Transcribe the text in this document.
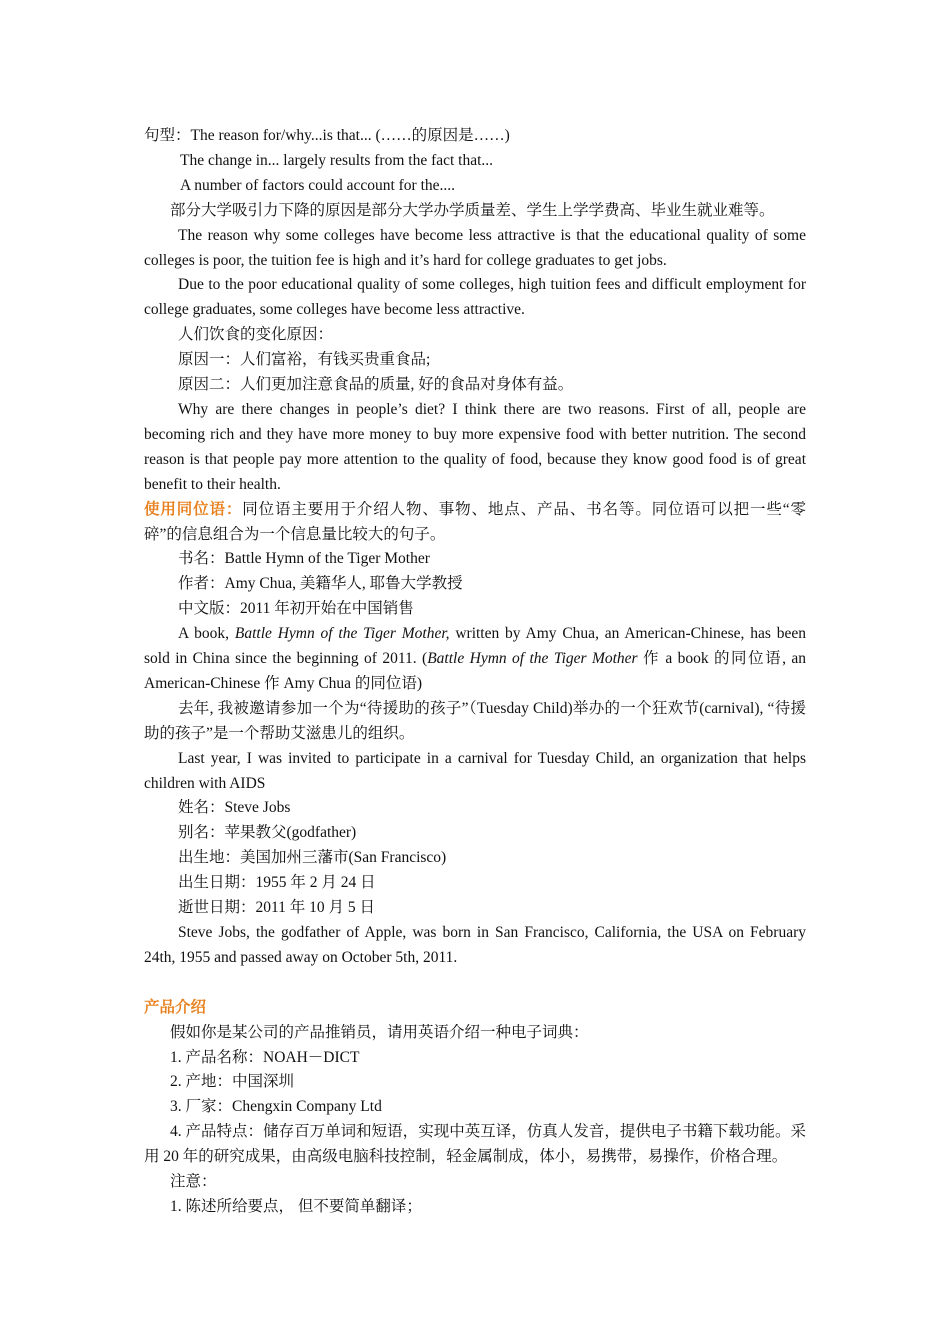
句型：The reason for/why...is that... (……的原因是……)

The change in... largely results from the fact that...

A number of factors could account for the....

部分大学吸引力下降的原因是部分大学办学质量差、学生上学学费高、毕业生就业难等。

The reason why some colleges have become less attractive is that the educational quality of some colleges is poor, the tuition fee is high and it’s hard for college graduates to get jobs.

Due to the poor educational quality of some colleges, high tuition fees and difficult employment for college graduates, some colleges have become less attractive.

人们饮食的变化原因：

原因一：人们富裕，有钱买贵重食品;

原因二：人们更加注意食品的质量, 好的食品对身体有益。

Why are there changes in people’s diet? I think there are two reasons. First of all, people are becoming rich and they have more money to buy more expensive food with better nutrition. The second reason is that people pay more attention to the quality of food, because they know good food is of great benefit to their health.

使用同位语：同位语主要用于介绍人物、事物、地点、产品、书名等。同位语可以把一些“零碎”的信息组合为一个信息量比较大的句子。

书名：Battle Hymn of the Tiger Mother

作者：Amy Chua, 美籍华人, 耶鲁大学教授

中文版：2011 年初开始在中国销售

A book, Battle Hymn of the Tiger Mother, written by Amy Chua, an American-Chinese, has been sold in China since the beginning of 2011. (Battle Hymn of the Tiger Mother 作 a book 的同位语, an American-Chinese 作 Amy Chua 的同位语)

去年, 我被邀请参加一个为“待援助的孩子”（Tuesday Child)举办的一个狂欢节(carnival), “待援助的孩子”是一个帮助艾滋患儿的组织。

Last year, I was invited to participate in a carnival for Tuesday Child, an organization that helps children with AIDS

姓名：Steve Jobs

别名：苹果教父(godfather)

出生地：美国加州三藩市(San Francisco)

出生日期：1955 年 2 月 24 日

逝世日期：2011 年 10 月 5 日

Steve Jobs, the godfather of Apple, was born in San Francisco, California, the USA on February 24th, 1955 and passed away on October 5th, 2011.

产品介绍

假如你是某公司的产品推销员，请用英语介绍一种电子词典：

1. 产品名称：NOAH－DICT

2. 产地：中国深圳

3. 厂家：Chengxin Company Ltd

4. 产品特点：储存百万单词和短语，实现中英互译，仿真人发音，提供电子书籍下载功能。采用 20 年的研究成果，由高级电脑科技控制，轻金属制成，体小，易携带，易操作，价格合理。

注意：

1. 陈述所给要点， 但不要简单翻译；
